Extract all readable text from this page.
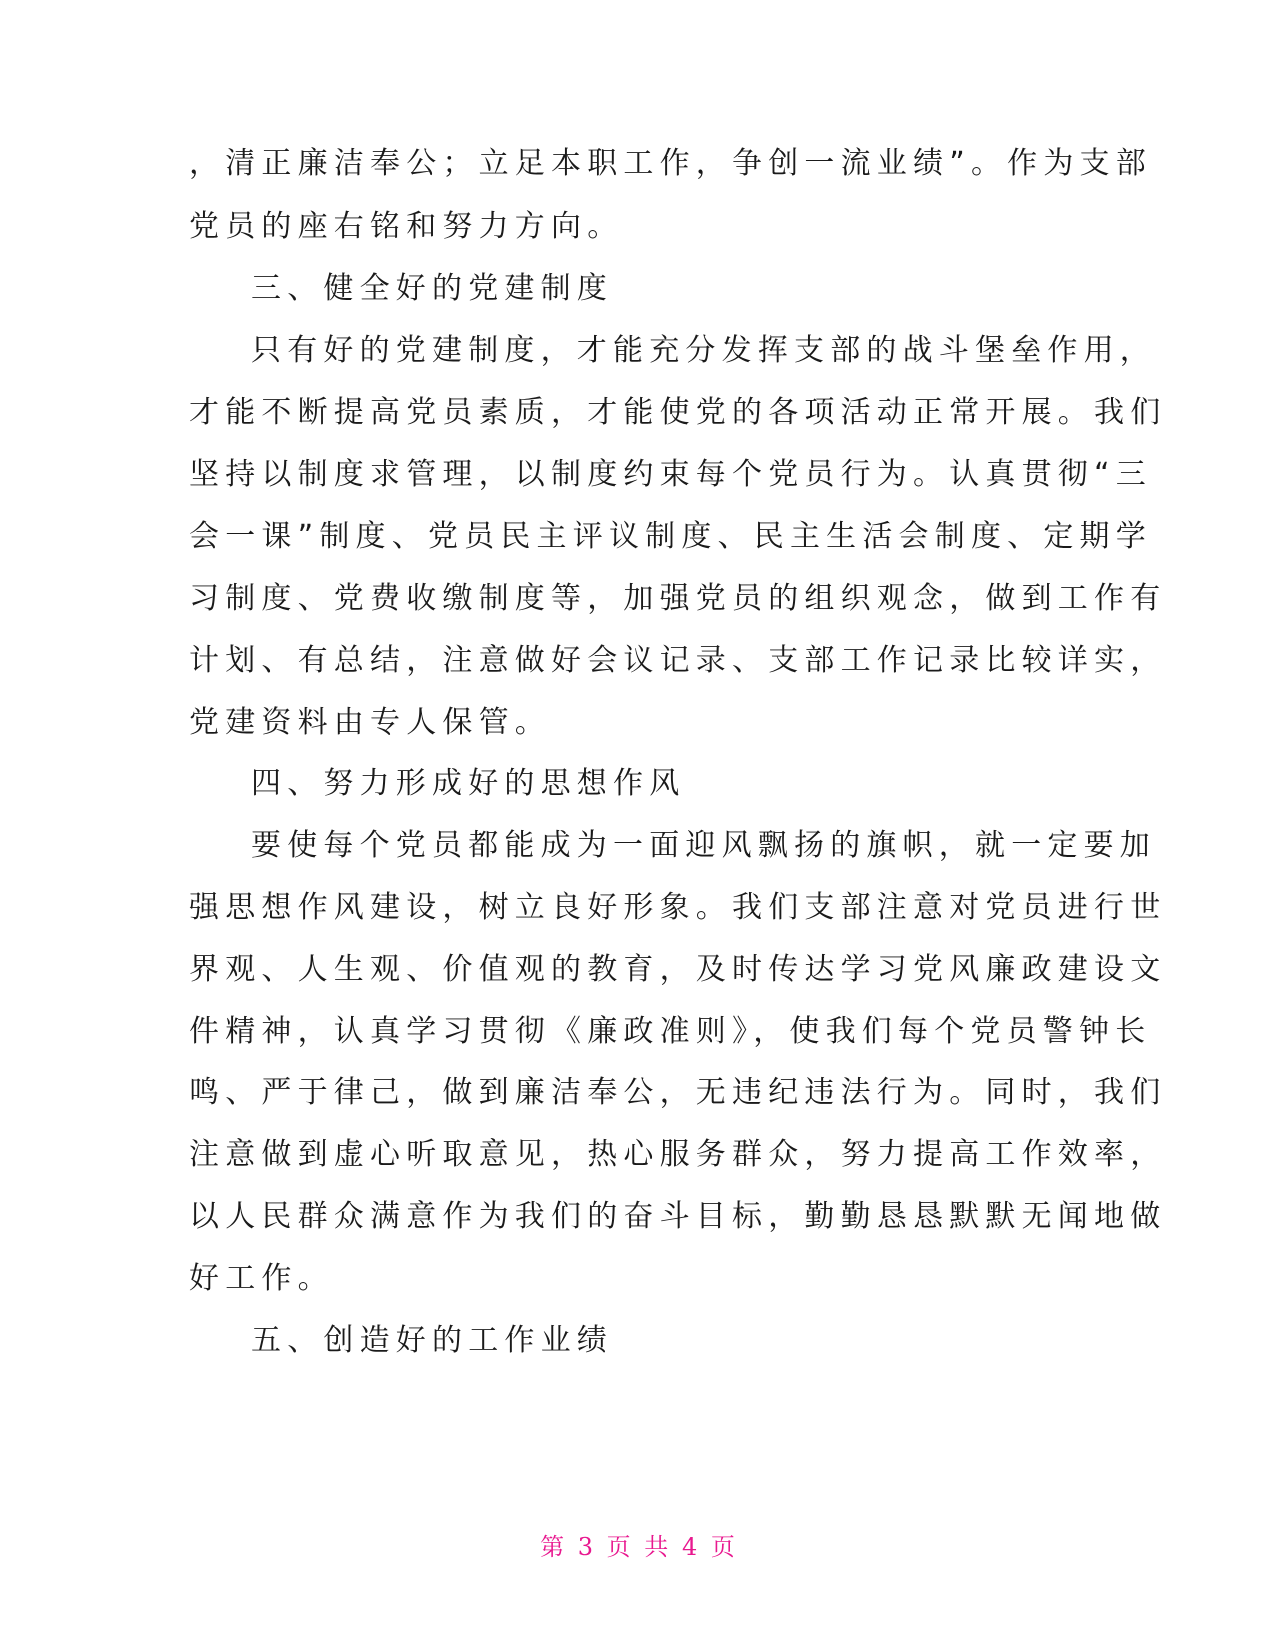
，清正廉洁奉公；立足本职工作，争创一流业绩”。作为支部
党员的座右铭和努力方向。
三、健全好的党建制度
只有好的党建制度，才能充分发挥支部的战斗堡垒作用，
才能不断提高党员素质，才能使党的各项活动正常开展。我们
坚持以制度求管理，以制度约束每个党员行为。认真贯彻“三
会一课”制度、党员民主评议制度、民主生活会制度、定期学
习制度、党费收缴制度等，加强党员的组织观念，做到工作有
计划、有总结，注意做好会议记录、支部工作记录比较详实，
党建资料由专人保管。
四、努力形成好的思想作风
要使每个党员都能成为一面迎风飘扬的旗帜，就一定要加
强思想作风建设，树立良好形象。我们支部注意对党员进行世
界观、人生观、价值观的教育，及时传达学习党风廉政建设文
件精神，认真学习贯彻《廉政准则》，使我们每个党员警钟长
鸣、严于律己，做到廉洁奉公，无违纪违法行为。同时，我们
注意做到虚心听取意见，热心服务群众，努力提高工作效率，
以人民群众满意作为我们的奋斗目标，勤勤恳恳默默无闻地做
好工作。
五、创造好的工作业绩
第 3 页 共 4 页
